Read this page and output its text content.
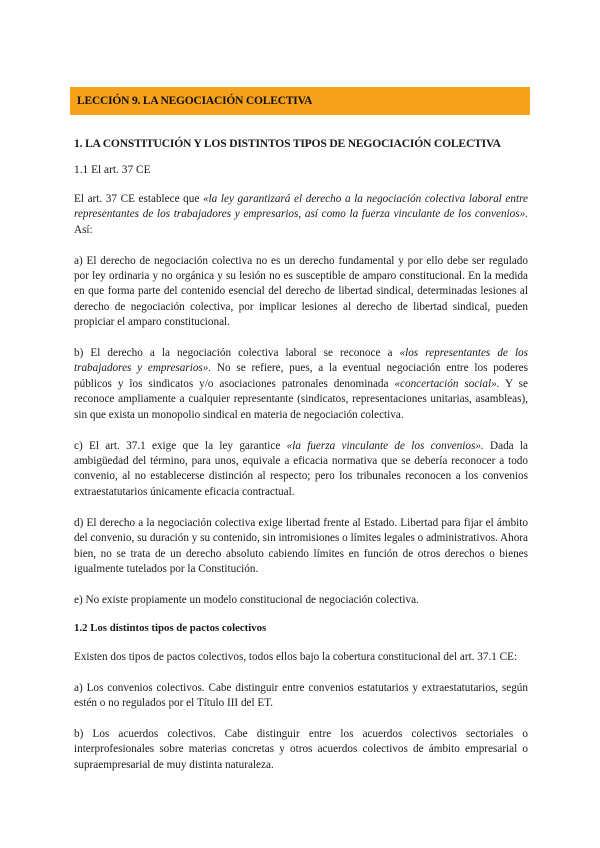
LECCIÓN 9. LA NEGOCIACIÓN COLECTIVA
1. LA CONSTITUCIÓN Y LOS DISTINTOS TIPOS DE NEGOCIACIÓN COLECTIVA
1.1 El art. 37 CE

El art. 37 CE establece que «la ley garantizará el derecho a la negociación colectiva laboral entre representantes de los trabajadores y empresarios, así como la fuerza vinculante de los convenios». Así:

a) El derecho de negociación colectiva no es un derecho fundamental y por ello debe ser regulado por ley ordinaria y no orgánica y su lesión no es susceptible de amparo constitucional. En la medida en que forma parte del contenido esencial del derecho de libertad sindical, determinadas lesiones al derecho de negociación colectiva, por implicar lesiones al derecho de libertad sindical, pueden propiciar el amparo constitucional.

b) El derecho a la negociación colectiva laboral se reconoce a «los representantes de los trabajadores y empresarios». No se refiere, pues, a la eventual negociación entre los poderes públicos y los sindicatos y/o asociaciones patronales denominada «concertación social». Y se reconoce ampliamente a cualquier representante (sindicatos, representaciones unitarias, asambleas), sin que exista un monopolio sindical en materia de negociación colectiva.

c) El art. 37.1 exige que la ley garantice «la fuerza vinculante de los convenios». Dada la ambigüedad del término, para unos, equivale a eficacia normativa que se debería reconocer a todo convenio, al no establecerse distinción al respecto; pero los tribunales reconocen a los convenios extraestatutarios únicamente eficacia contractual.

d) El derecho a la negociación colectiva exige libertad frente al Estado. Libertad para fijar el ámbito del convenio, su duración y su contenido, sin intromisiones o límites legales o administrativos. Ahora bien, no se trata de un derecho absoluto cabiendo límites en función de otros derechos o bienes igualmente tutelados por la Constitución.

e) No existe propiamente un modelo constitucional de negociación colectiva.

1.2 Los distintos tipos de pactos colectivos

Existen dos tipos de pactos colectivos, todos ellos bajo la cobertura constitucional del art. 37.1 CE:

a) Los convenios colectivos. Cabe distinguir entre convenios estatutarios y extraestatutarios, según estén o no regulados por el Título III del ET.

b) Los acuerdos colectivos. Cabe distinguir entre los acuerdos colectivos sectoriales o interprofesionales sobre materias concretas y otros acuerdos colectivos de ámbito empresarial o supraempresarial de muy distinta naturaleza.
